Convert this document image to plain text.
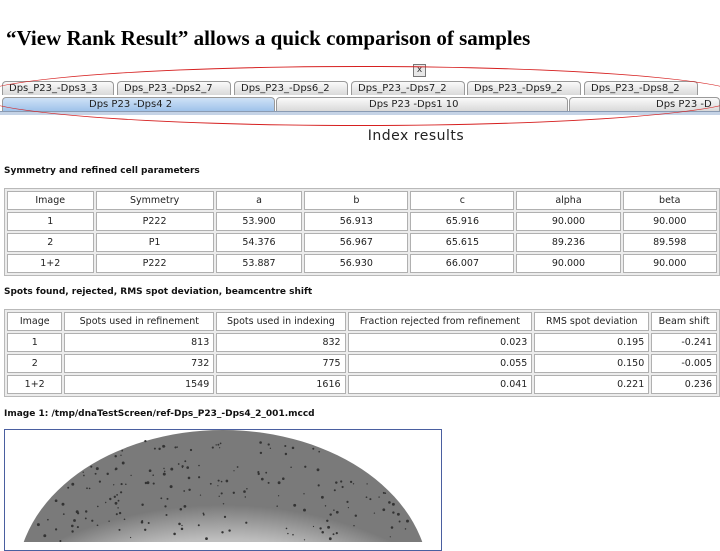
“View Rank Result” allows a quick comparison of samples
x
Dps_P23_-Dps3_3	Dps_P23_-Dps2_7	Dps_P23_-Dps6_2	Dps_P23_-Dps7_2	Dps_P23_-Dps9_2	Dps_P23_-Dps8_2
Dps P23 -Dps4 2	Dps P23 -Dps1 10	Dps P23 -D
Index results
Symmetry and refined cell parameters
Image	Symmetry	a	b	c	alpha	beta
1	P222	53.900	56.913	65.916	90.000	90.000
2	P1	54.376	56.967	65.615	89.236	89.598
1+2	P222	53.887	56.930	66.007	90.000	90.000
Spots found, rejected, RMS spot deviation, beamcentre shift
Image	Spots used in refinement	Spots used in indexing	Fraction rejected from refinement	RMS spot deviation	Beam shift
1	813	832	0.023	0.195	-0.241
2	732	775	0.055	0.150	-0.005
1+2	1549	1616	0.041	0.221	0.236
Image 1: /tmp/dnaTestScreen/ref-Dps_P23_-Dps4_2_001.mccd
